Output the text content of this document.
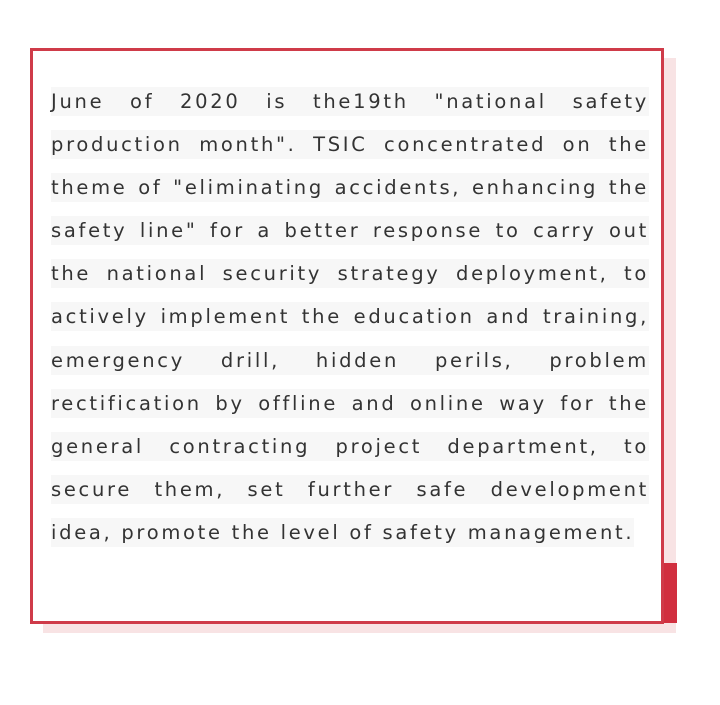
June of 2020 is the19th "national safety production month". TSIC concentrated on the theme of "eliminating accidents, enhancing the safety line" for a better response to carry out the national security strategy deployment, to actively implement the education and training, emergency drill, hidden perils, problem rectification by offline and online way for the general contracting project department, to secure them, set further safe development idea, promote the level of safety management.
